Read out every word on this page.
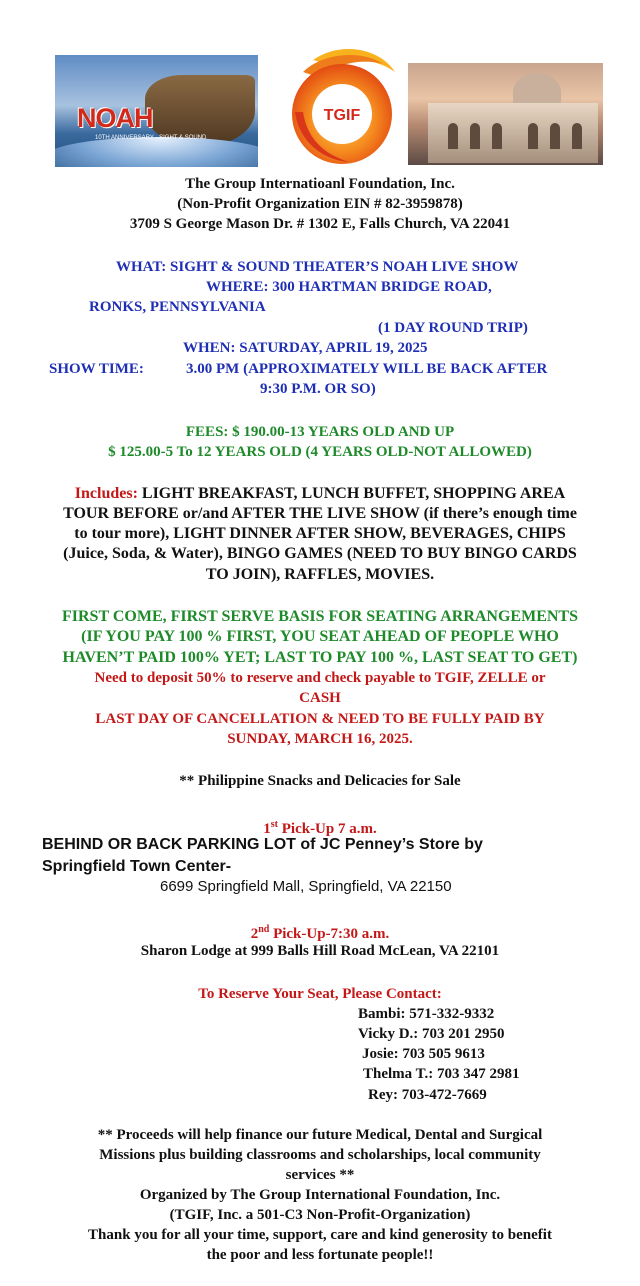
NOAH
10TH ANNIVERSARY · SIGHT & SOUND
TGIF
The Group Internatioanl Foundation, Inc.
(Non-Profit Organization EIN # 82-3959878)
3709 S George Mason Dr. # 1302 E, Falls Church, VA 22041
WHAT: SIGHT & SOUND THEATER’S NOAH LIVE SHOW
WHERE: 300 HARTMAN BRIDGE ROAD,
RONKS, PENNSYLVANIA
(1 DAY ROUND TRIP)
WHEN: SATURDAY, APRIL 19, 2025
SHOW TIME:	3.00 PM (APPROXIMATELY WILL BE BACK AFTER
9:30 P.M. OR SO)
FEES: $ 190.00-13 YEARS OLD AND UP
$ 125.00-5 To 12 YEARS OLD (4 YEARS OLD-NOT ALLOWED)
Includes: LIGHT BREAKFAST, LUNCH BUFFET, SHOPPING AREA
TOUR BEFORE or/and AFTER THE LIVE SHOW (if there’s enough time
to tour more), LIGHT DINNER AFTER SHOW, BEVERAGES, CHIPS
(Juice, Soda, & Water), BINGO GAMES (NEED TO BUY BINGO CARDS
TO JOIN), RAFFLES, MOVIES.
FIRST COME, FIRST SERVE BASIS FOR SEATING ARRANGEMENTS
(IF YOU PAY 100 % FIRST, YOU SEAT AHEAD OF PEOPLE WHO
HAVEN’T PAID 100% YET; LAST TO PAY 100 %, LAST SEAT TO GET)
Need to deposit 50% to reserve and check payable to TGIF, ZELLE or
CASH
LAST DAY OF CANCELLATION & NEED TO BE FULLY PAID BY
SUNDAY, MARCH 16, 2025.
** Philippine Snacks and Delicacies for Sale
1st Pick-Up 7 a.m.
BEHIND OR BACK PARKING LOT of JC Penney’s Store by
Springfield Town Center-
6699 Springfield Mall, Springfield, VA 22150
2nd Pick-Up-7:30 a.m.
Sharon Lodge at 999 Balls Hill Road McLean, VA 22101
To Reserve Your Seat, Please Contact:
Bambi: 571-332-9332
Vicky D.: 703 201 2950
Josie: 703 505 9613
Thelma T.: 703 347 2981
Rey: 703-472-7669
** Proceeds will help finance our future Medical, Dental and Surgical
Missions plus building classrooms and scholarships, local community
services **
Organized by The Group International Foundation, Inc.
(TGIF, Inc. a 501-C3 Non-Profit-Organization)
Thank you for all your time, support, care and kind generosity to benefit
the poor and less fortunate people!!
